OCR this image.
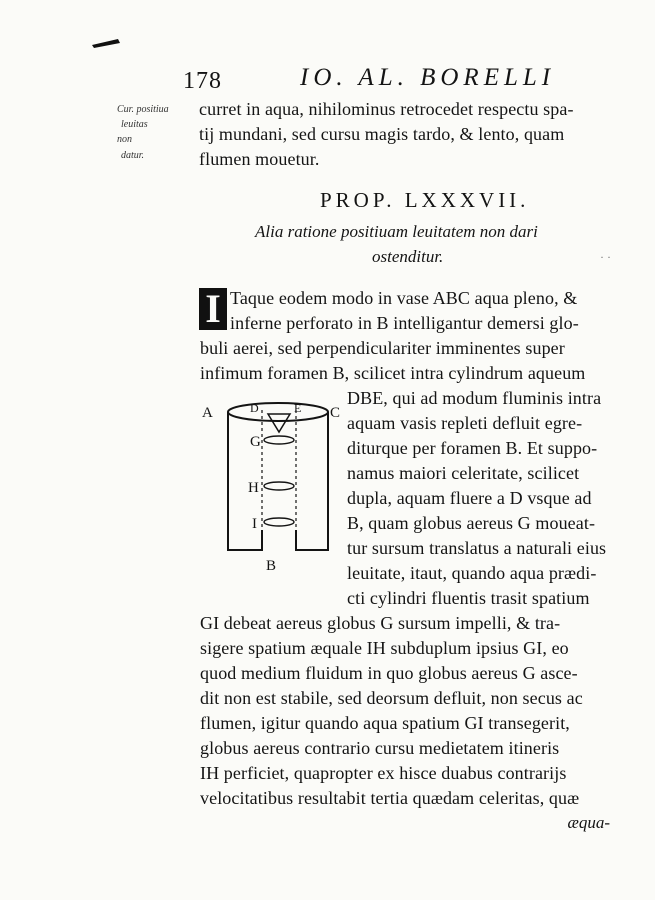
178	IO. AL. BORELLI
Cur. positiua
leuitas
non
datur.
curret in aqua, nihilominus retrocedet respectu spa-
tij mundani, sed cursu magis tardo, & lento, quam
flumen mouetur.
PROP. LXXXVII.
Alia ratione positiuam leuitatem non dari
ostenditur.	· ·
I Taque eodem modo in vase ABC aqua pleno, &
inferne perforato in B intelligantur demersi glo-
buli aerei, sed perpendiculariter imminentes super
infimum foramen B, scilicet intra cylindrum aqueum
DBE, qui ad modum fluminis intra
aquam vasis repleti defluit egre-
diturque per foramen B. Et suppo-
namus maiori celeritate, scilicet
dupla, aquam fluere a D vsque ad
B, quam globus aereus G moueat-
tur sursum translatus a naturali eius
leuitate, itaut, quando aqua prædi-
cti cylindri fluentis trasit spatium
GI debeat aereus globus G sursum impelli, & tra-
sigere spatium æquale IH subduplum ipsius GI, eo
quod medium fluidum in quo globus aereus G asce-
dit non est stabile, sed deorsum defluit, non secus ac
flumen, igitur quando aqua spatium GI transegerit,
globus aereus contrario cursu medietatem itineris
IH perficiet, quapropter ex hisce duabus contrarijs
velocitatibus resultabit tertia quædam celeritas, quæ
æqua-
A	C
D	E
G
H
I
B
